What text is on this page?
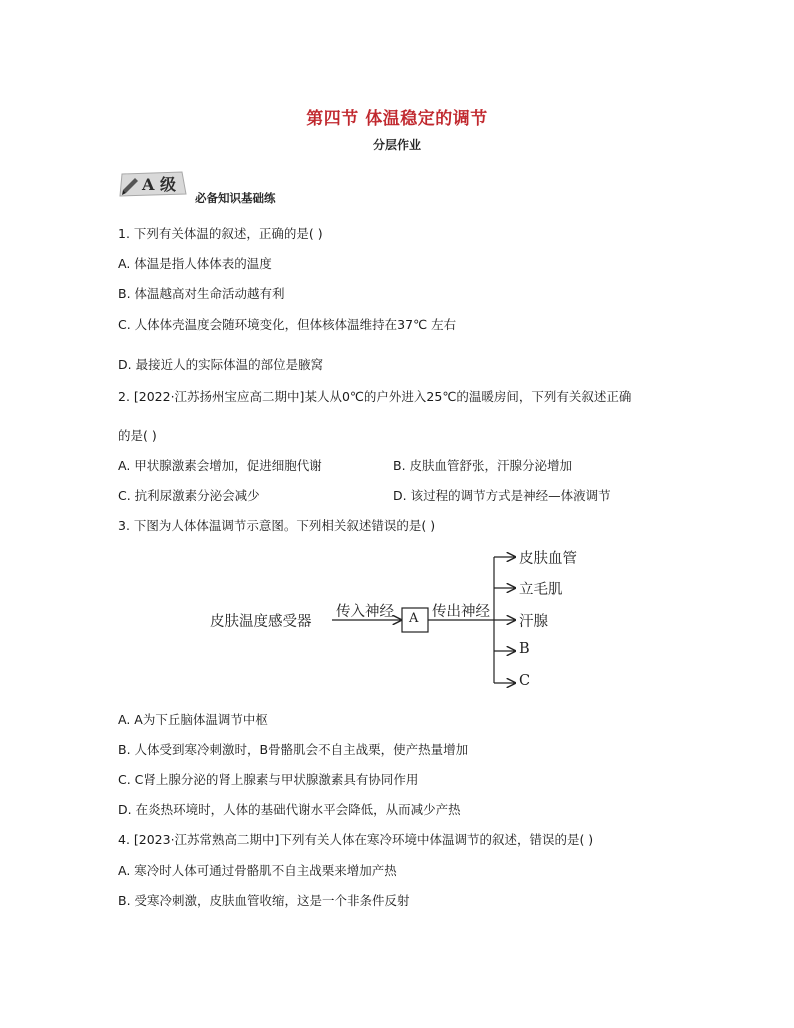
第四节 体温稳定的调节
分层作业
A 级
必备知识基础练
1. 下列有关体温的叙述，正确的是( )
A. 体温是指人体体表的温度
B. 体温越高对生命活动越有利
C. 人体体壳温度会随环境变化，但体核体温维持在37℃ 左右
D. 最接近人的实际体温的部位是腋窝
2. [2022·江苏扬州宝应高二期中]某人从0℃的户外进入25℃的温暖房间，下列有关叙述正确
的是( )
A. 甲状腺激素会增加，促进细胞代谢	B. 皮肤血管舒张，汗腺分泌增加
C. 抗利尿激素分泌会减少	D. 该过程的调节方式是神经—体液调节
3. 下图为人体体温调节示意图。下列相关叙述错误的是( )
皮肤温度感受器
传入神经 A 传出神经
皮肤血管
立毛肌
汗腺
B
C
A. A为下丘脑体温调节中枢
B. 人体受到寒冷刺激时，B骨骼肌会不自主战栗，使产热量增加
C. C肾上腺分泌的肾上腺素与甲状腺激素具有协同作用
D. 在炎热环境时，人体的基础代谢水平会降低，从而减少产热
4. [2023·江苏常熟高二期中]下列有关人体在寒冷环境中体温调节的叙述，错误的是( )
A. 寒冷时人体可通过骨骼肌不自主战栗来增加产热
B. 受寒冷刺激，皮肤血管收缩，这是一个非条件反射
